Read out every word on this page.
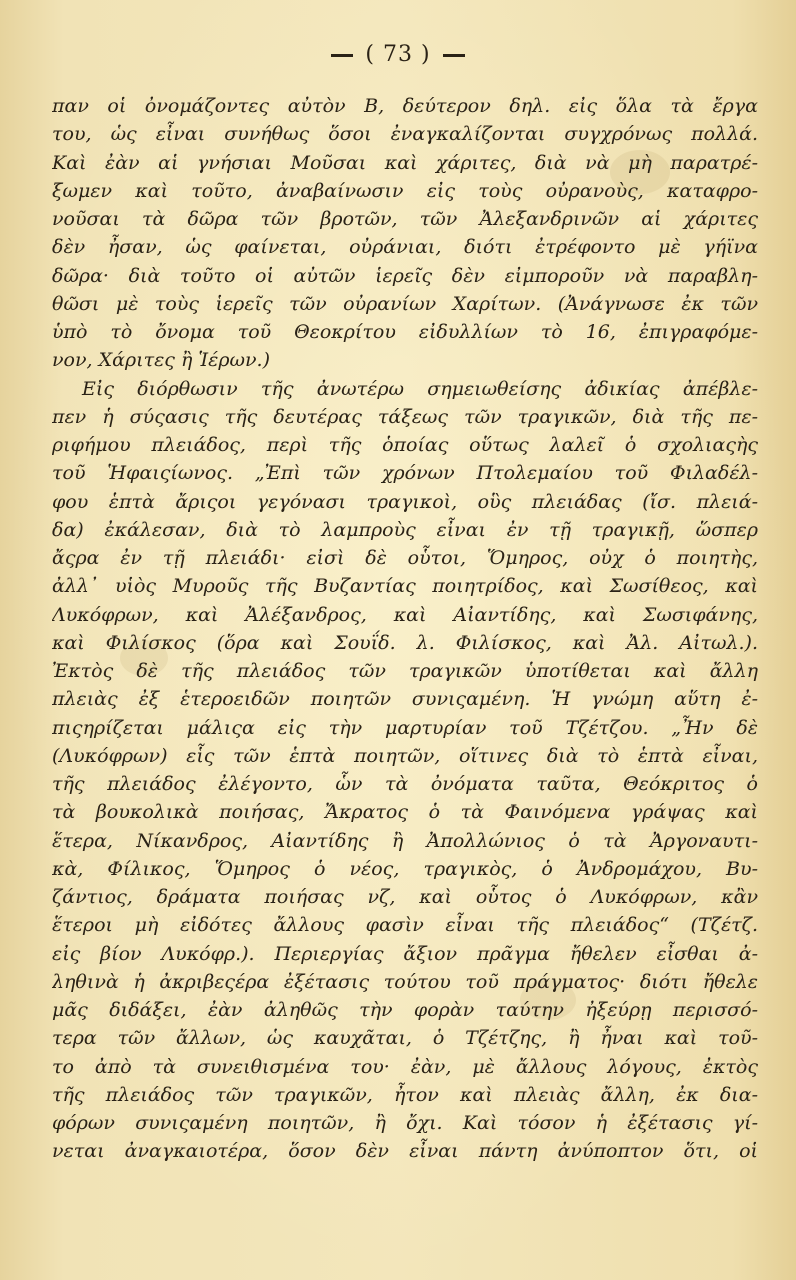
( 73 )
παν οἱ ὀνομάζοντες αὐτὸν Β, δεύτερον δηλ. εἰς ὅλα τὰ ἔργα
του, ὡς εἶναι συνήθως ὅσοι ἐναγκαλίζονται συγχρόνως πολλά.
Καὶ ἐὰν αἱ γνήσιαι Μοῦσαι καὶ χάριτες, διὰ νὰ μὴ παρατρέ-
ξωμεν καὶ τοῦτο, ἀναβαίνωσιν εἰς τοὺς οὐρανοὺς, καταφρο-
νοῦσαι τὰ δῶρα τῶν βροτῶν, τῶν Ἀλεξανδρινῶν αἱ χάριτες
δὲν ἦσαν, ὡς φαίνεται, οὐράνιαι, διότι ἐτρέφοντο μὲ γήϊνα
δῶρα· διὰ τοῦτο οἱ αὐτῶν ἱερεῖς δὲν εἰμποροῦν νὰ παραβλη-
θῶσι μὲ τοὺς ἱερεῖς τῶν οὐρανίων Χαρίτων. (Ἀνάγνωσε ἐκ τῶν
ὑπὸ τὸ ὄνομα τοῦ Θεοκρίτου εἰδυλλίων τὸ 16, ἐπιγραφόμε-
νον, Χάριτες ἢ Ἱέρων.)
Εἰς διόρθωσιν τῆς ἀνωτέρω σημειωθείσης ἀδικίας ἀπέβλε-
πεν ἡ σύςασις τῆς δευτέρας τάξεως τῶν τραγικῶν, διὰ τῆς πε-
ριφήμου πλειάδος, περὶ τῆς ὁποίας οὕτως λαλεῖ ὁ σχολιαςὴς
τοῦ Ἡφαιςίωνος. „Ἐπὶ τῶν χρόνων Πτολεμαίου τοῦ Φιλαδέλ-
φου ἑπτὰ ἄριςοι γεγόνασι τραγικοὶ, οὓς πλειάδας (ἴσ. πλειά-
δα) ἐκάλεσαν, διὰ τὸ λαμπροὺς εἶναι ἐν τῇ τραγικῇ, ὥσπερ
ἄςρα ἐν τῇ πλειάδι· εἰσὶ δὲ οὗτοι, Ὅμηρος, οὐχ ὁ ποιητὴς,
ἀλλ᾿ υἱὸς Μυροῦς τῆς Βυζαντίας ποιητρίδος, καὶ Σωσίθεος, καὶ
Λυκόφρων, καὶ Ἀλέξανδρος, καὶ Αἰαντίδης, καὶ Σωσιφάνης,
καὶ Φιλίσκος (ὅρα καὶ Σουΐδ. λ. Φιλίσκος, καὶ Ἀλ. Αἰτωλ.).
Ἐκτὸς δὲ τῆς πλειάδος τῶν τραγικῶν ὑποτίθεται καὶ ἄλλη
πλειὰς ἐξ ἑτεροειδῶν ποιητῶν συνιςαμένη. Ἡ γνώμη αὕτη ἐ-
πιςηρίζεται μάλιςα εἰς τὴν μαρτυρίαν τοῦ Τζέτζου. „Ἦν δὲ
(Λυκόφρων) εἷς τῶν ἑπτὰ ποιητῶν, οἵτινες διὰ τὸ ἑπτὰ εἶναι,
τῆς πλειάδος ἐλέγοντο, ὧν τὰ ὀνόματα ταῦτα, Θεόκριτος ὁ
τὰ βουκολικὰ ποιήσας, Ἄκρατος ὁ τὰ Φαινόμενα γράψας καὶ
ἕτερα, Νίκανδρος, Αἰαντίδης ἢ Ἀπολλώνιος ὁ τὰ Ἀργοναυτι-
κὰ, Φίλικος, Ὅμηρος ὁ νέος, τραγικὸς, ὁ Ἀνδρομάχου, Βυ-
ζάντιος, δράματα ποιήσας νζ, καὶ οὗτος ὁ Λυκόφρων, κἂν
ἕτεροι μὴ εἰδότες ἄλλους φασὶν εἶναι τῆς πλειάδος“ (Τζέτζ.
εἰς βίον Λυκόφρ.). Περιεργίας ἄξιον πρᾶγμα ἤθελεν εἶσθαι ἀ-
ληθινὰ ἡ ἀκριβεςέρα ἐξέτασις τούτου τοῦ πράγματος· διότι ἤθελε
μᾶς διδάξει, ἐὰν ἀληθῶς τὴν φορὰν ταύτην ἠξεύρῃ περισσό-
τερα τῶν ἄλλων, ὡς καυχᾶται, ὁ Τζέτζης, ἢ ἦναι καὶ τοῦ-
το ἀπὸ τὰ συνειθισμένα του· ἐὰν, μὲ ἄλλους λόγους, ἐκτὸς
τῆς πλειάδος τῶν τραγικῶν, ἦτον καὶ πλειὰς ἄλλη, ἐκ δια-
φόρων συνιςαμένη ποιητῶν, ἢ ὄχι. Καὶ τόσον ἡ ἐξέτασις γί-
νεται ἀναγκαιοτέρα, ὅσον δὲν εἶναι πάντη ἀνύποπτον ὅτι, οἱ
